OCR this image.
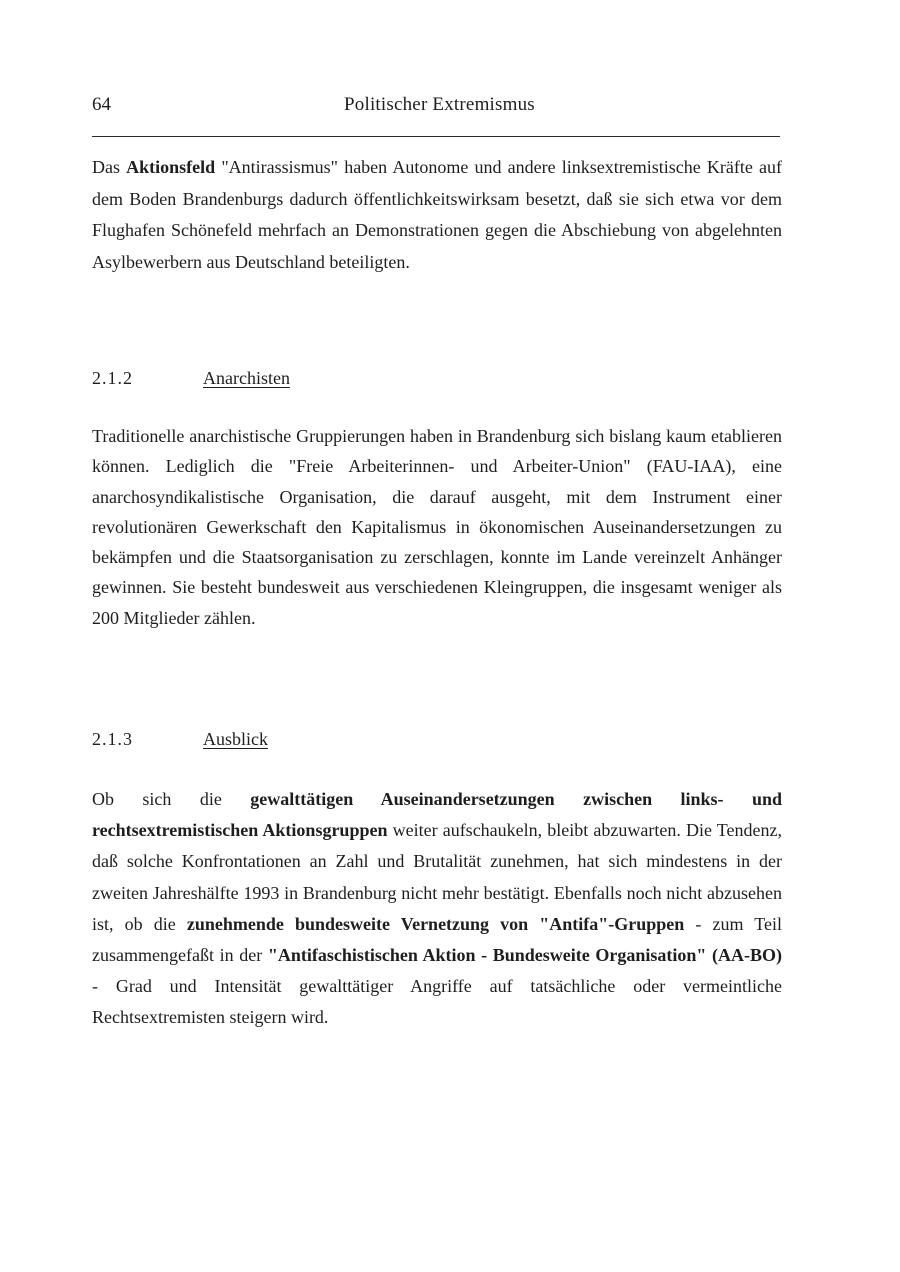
64	Politischer Extremismus

Das Aktionsfeld "Antirassismus" haben Autonome und andere linksextremistische Kräfte auf dem Boden Brandenburgs dadurch öffentlichkeitswirksam besetzt, daß sie sich etwa vor dem Flughafen Schönefeld mehrfach an Demonstrationen gegen die Abschiebung von abgelehnten Asylbewerbern aus Deutschland beteiligten.

2.1.2	Anarchisten

Traditionelle anarchistische Gruppierungen haben in Brandenburg sich bislang kaum etablieren können. Lediglich die "Freie Arbeiterinnen- und Arbeiter-Union" (FAU-IAA), eine anarchosyndikalistische Organisation, die darauf ausgeht, mit dem Instrument einer revolutionären Gewerkschaft den Kapitalismus in ökonomischen Auseinandersetzungen zu bekämpfen und die Staatsorganisation zu zerschlagen, konnte im Lande vereinzelt Anhänger gewinnen. Sie besteht bundesweit aus verschiedenen Kleingruppen, die insgesamt weniger als 200 Mitglieder zählen.

2.1.3	Ausblick

Ob sich die gewalttätigen Auseinandersetzungen zwischen links- und rechtsextremistischen Aktionsgruppen weiter aufschaukeln, bleibt abzuwarten. Die Tendenz, daß solche Konfrontationen an Zahl und Brutalität zunehmen, hat sich mindestens in der zweiten Jahreshälfte 1993 in Brandenburg nicht mehr bestätigt. Ebenfalls noch nicht abzusehen ist, ob die zunehmende bundesweite Vernetzung von "Antifa"-Gruppen - zum Teil zusammengefaßt in der "Antifaschistischen Aktion - Bundesweite Organisation" (AA-BO) - Grad und Intensität gewalttätiger Angriffe auf tatsächliche oder vermeintliche Rechtsextremisten steigern wird.
